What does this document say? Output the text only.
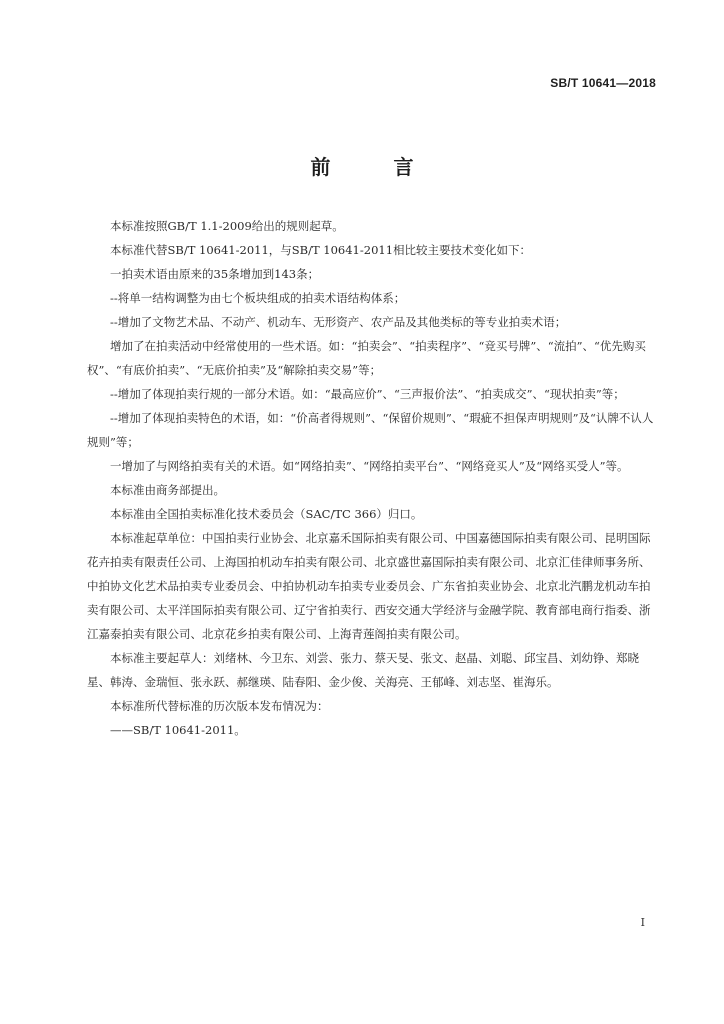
SB/T 10641—2018
前 言

本标准按照GB/T 1.1-2009给出的规则起草。

本标准代替SB/T 10641-2011，与SB/T 10641-2011相比较主要技术变化如下：

一拍卖术语由原来的35条增加到143条；

--将单一结构调整为由七个板块组成的拍卖术语结构体系；

--增加了文物艺术品、不动产、机动车、无形资产、农产品及其他类标的等专业拍卖术语；

增加了在拍卖活动中经常使用的一些术语。如：“拍卖会”、“拍卖程序”、“竞买号牌”、“流拍”、“优先购买权”、“有底价拍卖”、“无底价拍卖”及“解除拍卖交易”等；

--增加了体现拍卖行规的一部分术语。如：“最高应价”、“三声报价法”、“拍卖成交”、“现状拍卖”等；

--增加了体现拍卖特色的术语，如：“价高者得规则”、“保留价规则”、“瑕疵不担保声明规则”及“认牌不认人规则”等；

一增加了与网络拍卖有关的术语。如“网络拍卖”、“网络拍卖平台”、“网络竞买人”及“网络买受人”等。

本标准由商务部提出。

本标准由全国拍卖标准化技术委员会（SAC/TC 366）归口。

本标准起草单位：中国拍卖行业协会、北京嘉禾国际拍卖有限公司、中国嘉德国际拍卖有限公司、昆明国际花卉拍卖有限责任公司、上海国拍机动车拍卖有限公司、北京盛世嘉国际拍卖有限公司、北京汇佳律师事务所、中拍协文化艺术品拍卖专业委员会、中拍协机动车拍卖专业委员会、广东省拍卖业协会、北京北汽鹏龙机动车拍卖有限公司、太平洋国际拍卖有限公司、辽宁省拍卖行、西安交通大学经济与金融学院、教育部电商行指委、浙江嘉泰拍卖有限公司、北京花乡拍卖有限公司、上海青莲阁拍卖有限公司。

本标准主要起草人：刘绪林、今卫东、刘尝、张力、蔡天旻、张文、赵晶、刘聪、邱宝昌、刘幼铮、郑晓星、韩涛、金瑞恒、张永跃、郝继瑛、陆春阳、金少俊、关海亮、王郁峰、刘志坚、崔海乐。

本标准所代替标准的历次版本发布情况为：

——SB/T 10641-2011。

I
